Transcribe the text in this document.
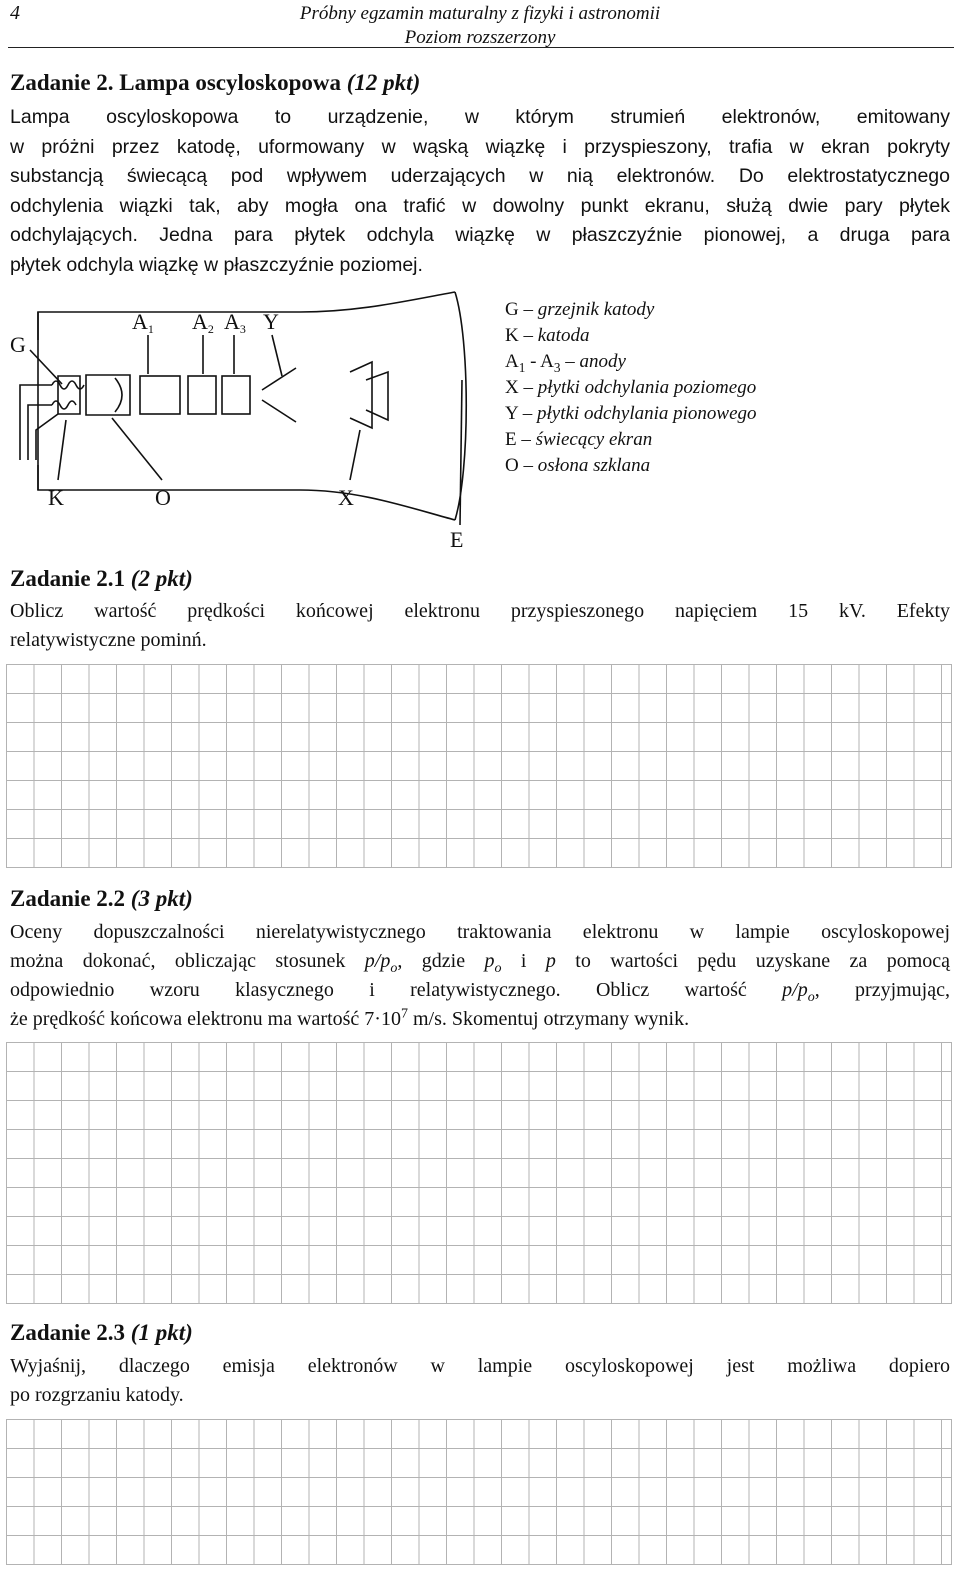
4	Próbny egzamin maturalny z fizyki i astronomii
Poziom rozszerzony
Zadanie 2. Lampa oscyloskopowa (12 pkt)
Lampa oscyloskopowa to urządzenie, w którym strumień elektronów, emitowany
w próżni przez katodę, uformowany w wąską wiązkę i przyspieszony, trafia w ekran pokryty
substancją świecącą pod wpływem uderzających w nią elektronów. Do elektrostatycznego
odchylenia wiązki tak, aby mogła ona trafić w dowolny punkt ekranu, służą dwie pary płytek
odchylających. Jedna para płytek odchyla wiązkę w płaszczyźnie pionowej, a druga para
płytek odchyla wiązkę w płaszczyźnie poziomej.
G
A1 A2 A3 Y
K	O	X
E
G – grzejnik katody
K – katoda
$A_1 - A_3$ – anody
X – płytki odchylania poziomego
Y – płytki odchylania pionowego
E – świecący ekran
O – osłona szklana
Zadanie 2.1 (2 pkt)
Oblicz wartość prędkości końcowej elektronu przyspieszonego napięciem 15 kV. Efekty
relatywistyczne pominń.
Zadanie 2.2 (3 pkt)
Oceny dopuszczalności nierelatywistycznego traktowania elektronu w lampie oscyloskopowej
można dokonać, obliczając stosunek $p/p_o$, gdzie $p_o$ i p to wartości pędu uzyskane za pomocą
odpowiednio wzoru klasycznego i relatywistycznego. Oblicz wartość $p/p_o$, przyjmując,
że prędkość końcowa elektronu ma wartość $7\cdot 10^7$ m/s. Skomentuj otrzymany wynik.
Zadanie 2.3 (1 pkt)
Wyjaśnij, dlaczego emisja elektronów w lampie oscyloskopowej jest możliwa dopiero
po rozgrzaniu katody.
